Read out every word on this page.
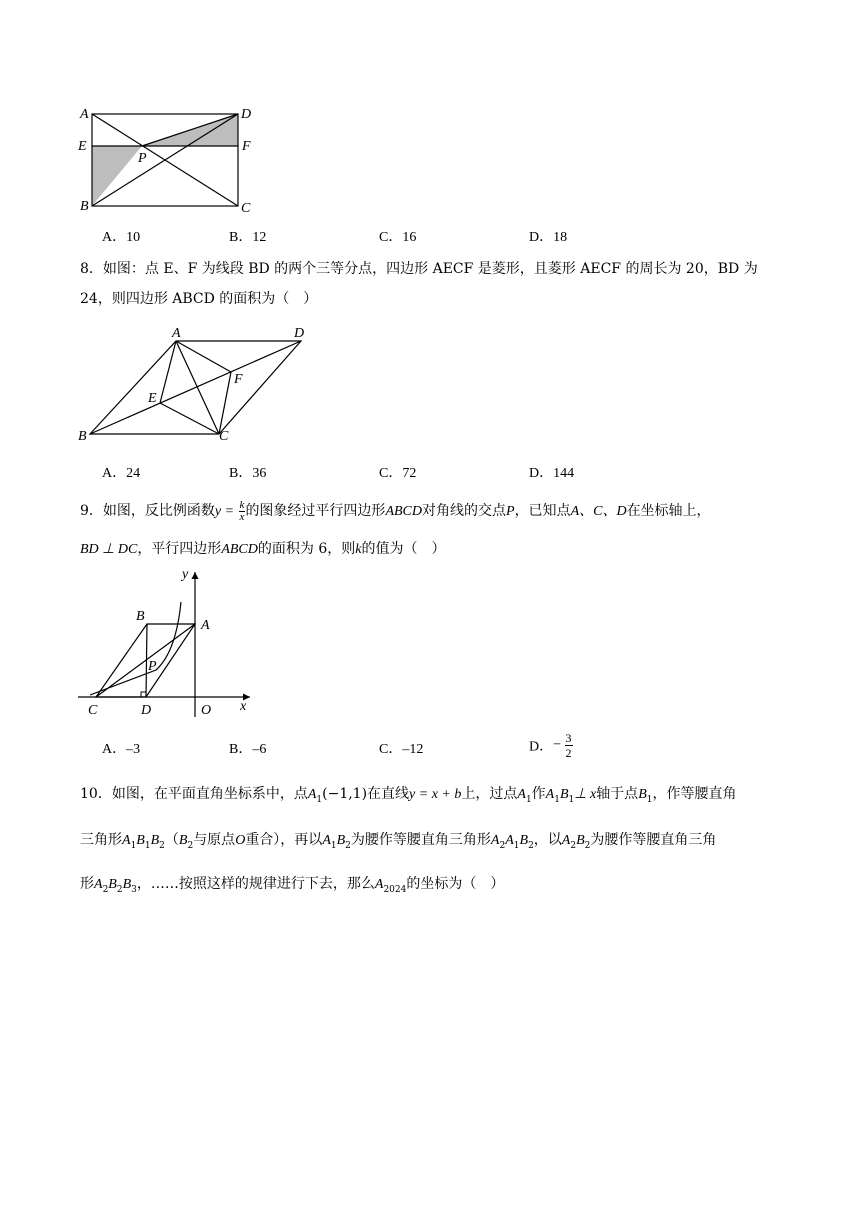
A	D
E	F
P
B	C
A．10	B．12	C．16	D．18
8．如图：点 E、F 为线段 BD 的两个三等分点，四边形 AECF 是菱形，且菱形 AECF 的周长为 20，BD 为
24，则四边形 ABCD 的面积为（　）
A	D
F
E
B	C
A．24	B．36	C．72	D．144
9．如图，反比例函数$y = \frac{k}{x}$ 的图象经过平行四边形ABCD对角线的交点P，已知点A、C、D在坐标轴上，
BD ⊥ DC，平行四边形ABCD的面积为 6，则k的值为（　）
y
B
A
P
C	D	O x
A．–3	B．–6	C．–12	D．− $\frac{3}{2}$
10．如图，在平面直角坐标系中，点$A_1(-1,1)$在直线y = x + b上，过点$A_1$作$A_1B_1\perp$ x轴于点$B_1$，作等腰直角
三角形$A_1B_1B_2(B_2$与原点O重合），再以$A_1B_2$为腰作等腰直角三角形$A_2A_1B_2$，以$A_2B_2$为腰作等腰直角三角
形$A_2B_2B_3$，……按照这样的规律进行下去，那么$A_{2024}$的坐标为（　）
